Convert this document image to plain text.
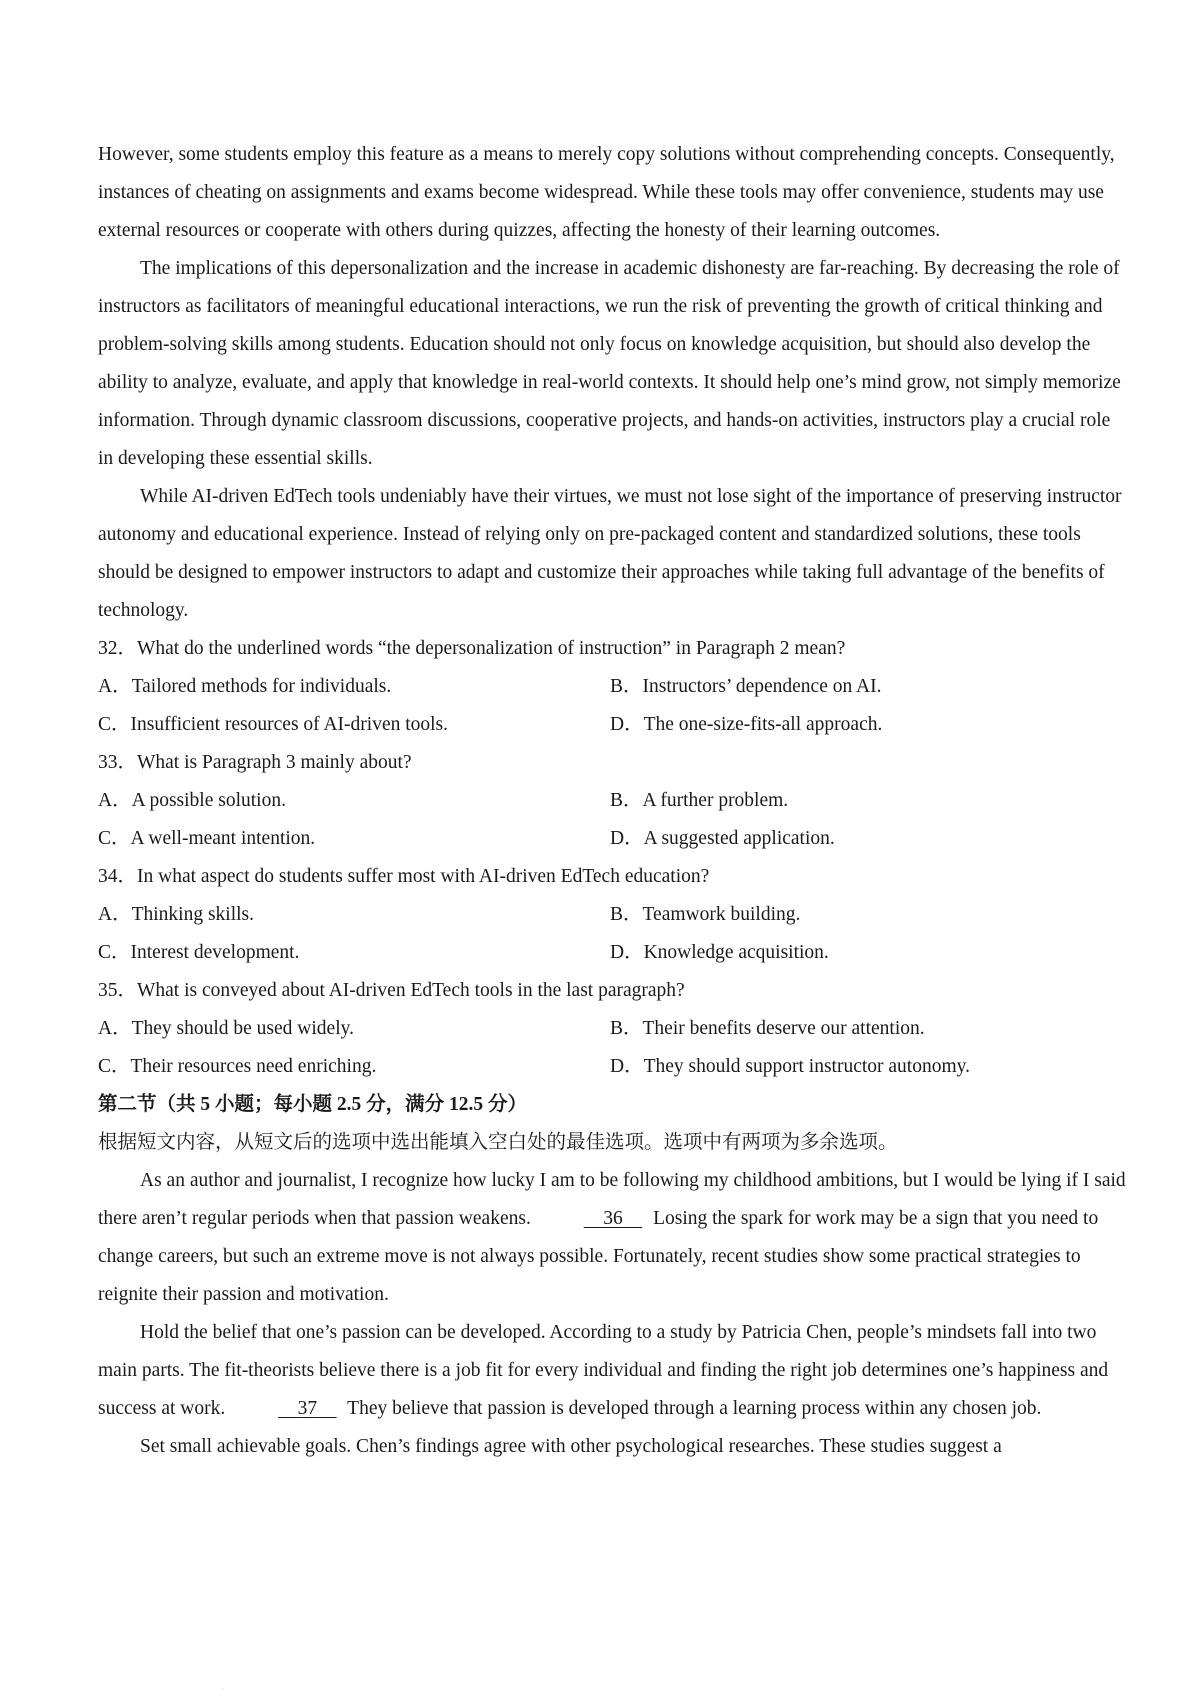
However, some students employ this feature as a means to merely copy solutions without comprehending concepts. Consequently, instances of cheating on assignments and exams become widespread. While these tools may offer convenience, students may use external resources or cooperate with others during quizzes, affecting the honesty of their learning outcomes.

The implications of this depersonalization and the increase in academic dishonesty are far-reaching. By decreasing the role of instructors as facilitators of meaningful educational interactions, we run the risk of preventing the growth of critical thinking and problem-solving skills among students. Education should not only focus on knowledge acquisition, but should also develop the ability to analyze, evaluate, and apply that knowledge in real-world contexts. It should help one’s mind grow, not simply memorize information. Through dynamic classroom discussions, cooperative projects, and hands-on activities, instructors play a crucial role in developing these essential skills.

While AI-driven EdTech tools undeniably have their virtues, we must not lose sight of the importance of preserving instructor autonomy and educational experience. Instead of relying only on pre-packaged content and standardized solutions, these tools should be designed to empower instructors to adapt and customize their approaches while taking full advantage of the benefits of technology.

32．What do the underlined words “the depersonalization of instruction” in Paragraph 2 mean?

A．Tailored methods for individuals.	B．Instructors’ dependence on AI.
C．Insufficient resources of AI-driven tools.	D．The one-size-fits-all approach.

33．What is Paragraph 3 mainly about?

A．A possible solution.	B．A further problem.
C．A well-meant intention.	D．A suggested application.

34．In what aspect do students suffer most with AI-driven EdTech education?

A．Thinking skills.	B．Teamwork building.
C．Interest development.	D．Knowledge acquisition.

35．What is conveyed about AI-driven EdTech tools in the last paragraph?

A．They should be used widely.	B．Their benefits deserve our attention.
C．Their resources need enriching.	D．They should support instructor autonomy.

第二节（共 5 小题；每小题 2.5 分，满分 12.5 分）

根据短文内容，从短文后的选项中选出能填入空白处的最佳选项。选项中有两项为多余选项。

As an author and journalist, I recognize how lucky I am to be following my childhood ambitions, but I would be lying if I said there aren’t regular periods when that passion weakens.	36 Losing the spark for work may be a sign that you need to change careers, but such an extreme move is not always possible. Fortunately, recent studies show some practical strategies to reignite their passion and motivation.

Hold the belief that one’s passion can be developed. According to a study by Patricia Chen, people’s mindsets fall into two main parts. The fit-theorists believe there is a job fit for every individual and finding the right job determines one’s happiness and success at work.	37 They believe that passion is developed through a learning process within any chosen job.

Set small achievable goals. Chen’s findings agree with other psychological researches. These studies suggest a

·
